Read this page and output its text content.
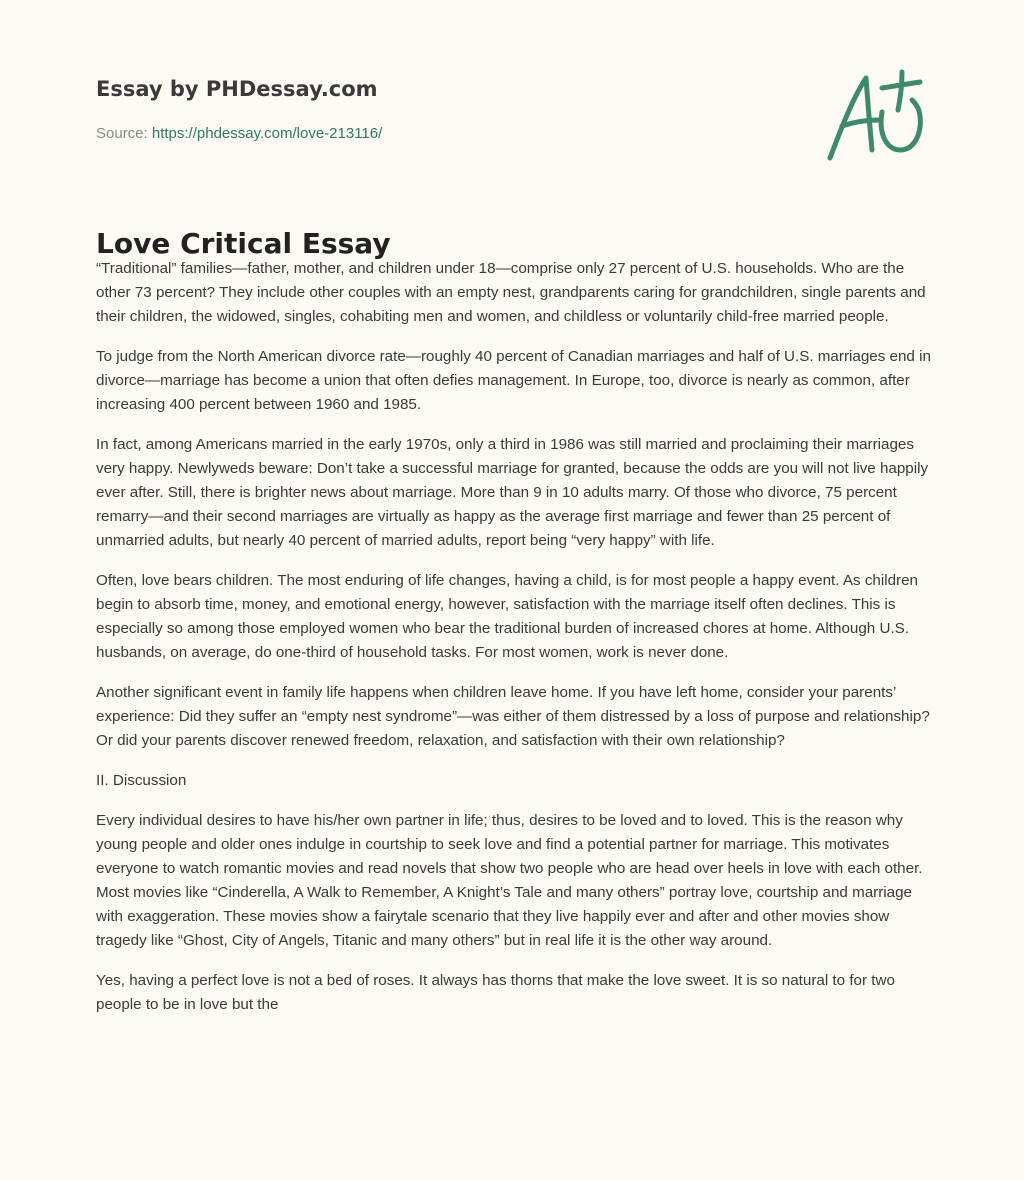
Essay by PHDessay.com
Source: https://phdessay.com/love-213116/
Love Critical Essay

“Traditional” families—father, mother, and children under 18—comprise only 27 percent of U.S. households. Who are the other 73 percent? They include other couples with an empty nest, grandparents caring for grandchildren, single parents and their children, the widowed, singles, cohabiting men and women, and childless or voluntarily child-free married people.

To judge from the North American divorce rate—roughly 40 percent of Canadian marriages and half of U.S. marriages end in divorce—marriage has become a union that often defies management. In Europe, too, divorce is nearly as common, after increasing 400 percent between 1960 and 1985.

In fact, among Americans married in the early 1970s, only a third in 1986 was still married and proclaiming their marriages very happy. Newlyweds beware: Don’t take a successful marriage for granted, because the odds are you will not live happily ever after. Still, there is brighter news about marriage. More than 9 in 10 adults marry. Of those who divorce, 75 percent remarry—and their second marriages are virtually as happy as the average first marriage and fewer than 25 percent of unmarried adults, but nearly 40 percent of married adults, report being “very happy” with life.

Often, love bears children. The most enduring of life changes, having a child, is for most people a happy event. As children begin to absorb time, money, and emotional energy, however, satisfaction with the marriage itself often declines. This is especially so among those employed women who bear the traditional burden of increased chores at home. Although U.S. husbands, on average, do one-third of household tasks. For most women, work is never done.

Another significant event in family life happens when children leave home. If you have left home, consider your parents’ experience: Did they suffer an “empty nest syndrome”—was either of them distressed by a loss of purpose and relationship? Or did your parents discover renewed freedom, relaxation, and satisfaction with their own relationship?

II. Discussion

Every individual desires to have his/her own partner in life; thus, desires to be loved and to loved. This is the reason why young people and older ones indulge in courtship to seek love and find a potential partner for marriage. This motivates everyone to watch romantic movies and read novels that show two people who are head over heels in love with each other. Most movies like “Cinderella, A Walk to Remember, A Knight’s Tale and many others” portray love, courtship and marriage with exaggeration. These movies show a fairytale scenario that they live happily ever and after and other movies show tragedy like “Ghost, City of Angels, Titanic and many others” but in real life it is the other way around.

Yes, having a perfect love is not a bed of roses. It always has thorns that make the love sweet. It is so natural to for two people to be in love but the
